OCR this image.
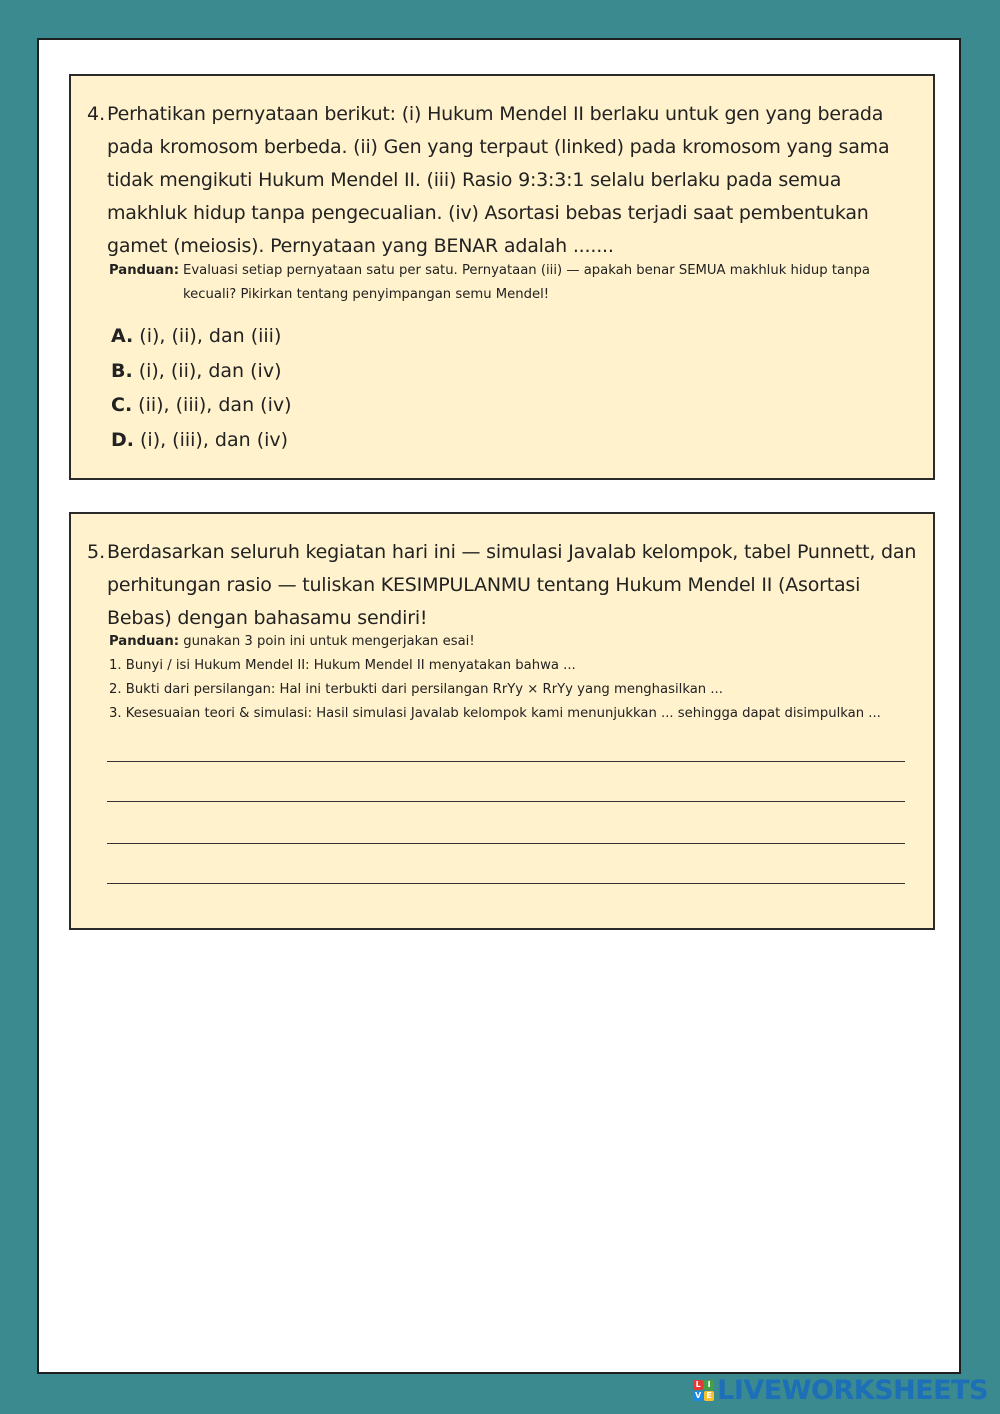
4. Perhatikan pernyataan berikut: (i) Hukum Mendel II berlaku untuk gen yang berada pada kromosom berbeda. (ii) Gen yang terpaut (linked) pada kromosom yang sama tidak mengikuti Hukum Mendel II. (iii) Rasio 9:3:3:1 selalu berlaku pada semua makhluk hidup tanpa pengecualian. (iv) Asortasi bebas terjadi saat pembentukan gamet (meiosis). Pernyataan yang BENAR adalah .......
Panduan: Evaluasi setiap pernyataan satu per satu. Pernyataan (iii) — apakah benar SEMUA makhluk hidup tanpa kecuali? Pikirkan tentang penyimpangan semu Mendel!
A. (i), (ii), dan (iii)
B. (i), (ii), dan (iv)
C. (ii), (iii), dan (iv)
D. (i), (iii), dan (iv)
5. Berdasarkan seluruh kegiatan hari ini — simulasi Javalab kelompok, tabel Punnett, dan perhitungan rasio — tuliskan KESIMPULANMU tentang Hukum Mendel II (Asortasi Bebas) dengan bahasamu sendiri!
Panduan: gunakan 3 poin ini untuk mengerjakan esai!
1. Bunyi / isi Hukum Mendel II: Hukum Mendel II menyatakan bahwa ...
2. Bukti dari persilangan: Hal ini terbukti dari persilangan RrYy × RrYy yang menghasilkan ...
3. Kesesuaian teori & simulasi: Hasil simulasi Javalab kelompok kami menunjukkan ... sehingga dapat disimpulkan ...
L I
V E LIVEWORKSHEETS
